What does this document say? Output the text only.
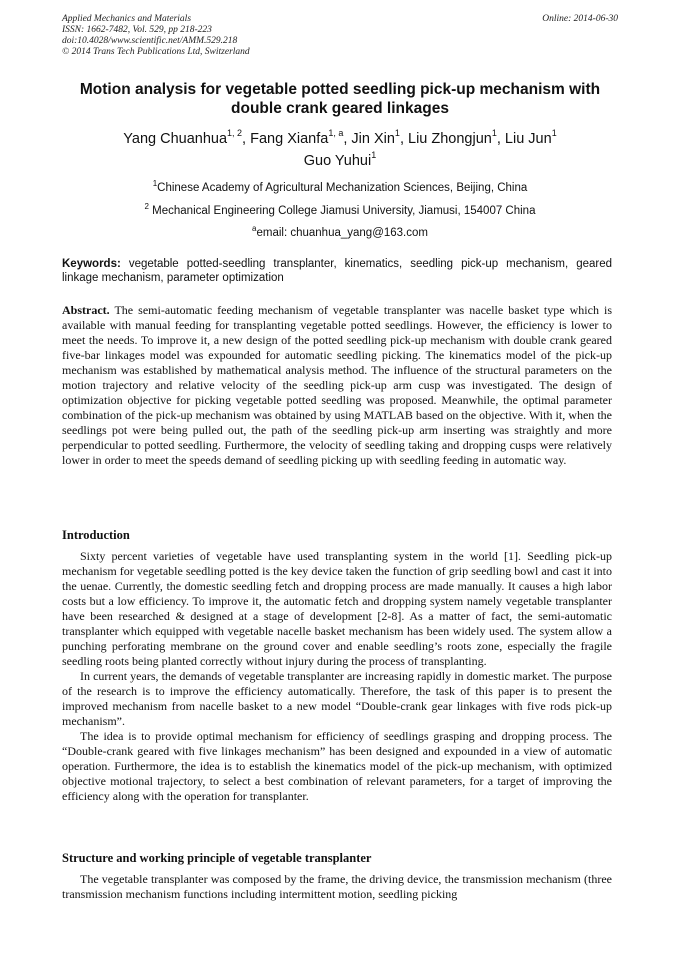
Applied Mechanics and Materials
ISSN: 1662-7482, Vol. 529, pp 218-223
doi:10.4028/www.scientific.net/AMM.529.218
© 2014 Trans Tech Publications Ltd, Switzerland
Online: 2014-06-30
Motion analysis for vegetable potted seedling pick-up mechanism with double crank geared linkages
Yang Chuanhua$^{1, 2}$, Fang Xianfa$^{1, a}$, Jin Xin$^1$, Liu Zhongjun$^1$, Liu Jun$^1$
Guo Yuhui$^1$
$^1$Chinese Academy of Agricultural Mechanization Sciences, Beijing, China
$^2$ Mechanical Engineering College Jiamusi University, Jiamusi, 154007 China
$^a$email: chuanhua_yang@163.com
Keywords: vegetable potted-seedling transplanter, kinematics, seedling pick-up mechanism, geared linkage mechanism, parameter optimization

Abstract. The semi-automatic feeding mechanism of vegetable transplanter was nacelle basket type which is available with manual feeding for transplanting vegetable potted seedlings. However, the efficiency is lower to meet the needs. To improve it, a new design of the potted seedling pick-up mechanism with double crank geared five-bar linkages model was expounded for automatic seedling picking. The kinematics model of the pick-up mechanism was established by mathematical analysis method. The influence of the structural parameters on the motion trajectory and relative velocity of the seedling pick-up arm cusp was investigated. The design of optimization objective for picking vegetable potted seedling was proposed. Meanwhile, the optimal parameter combination of the pick-up mechanism was obtained by using MATLAB based on the objective. With it, when the seedlings pot were being pulled out, the path of the seedling pick-up arm inserting was straightly and more perpendicular to potted seedling. Furthermore, the velocity of seedling taking and dropping cusps were relatively lower in order to meet the speeds demand of seedling picking up with seedling feeding in automatic way.

Introduction

Sixty percent varieties of vegetable have used transplanting system in the world [1]. Seedling pick-up mechanism for vegetable seedling potted is the key device taken the function of grip seedling bowl and cast it into the uenae. Currently, the domestic seedling fetch and dropping process are made manually. It causes a high labor costs but a low efficiency. To improve it, the automatic fetch and dropping system namely vegetable transplanter have been researched & designed at a stage of development [2-8]. As a matter of fact, the semi-automatic transplanter which equipped with vegetable nacelle basket mechanism has been widely used. The system allow a punching perforating membrane on the ground cover and enable seedling’s roots zone, especially the fragile seedling roots being planted correctly without injury during the process of transplanting.

In current years, the demands of vegetable transplanter are increasing rapidly in domestic market. The purpose of the research is to improve the efficiency automatically. Therefore, the task of this paper is to present the improved mechanism from nacelle basket to a new model “Double-crank gear linkages with five rods pick-up mechanism”.

The idea is to provide optimal mechanism for efficiency of seedlings grasping and dropping process. The “Double-crank geared with five linkages mechanism” has been designed and expounded in a view of automatic operation. Furthermore, the idea is to establish the kinematics model of the pick-up mechanism, with optimized objective motional trajectory, to select a best combination of relevant parameters, for a target of improving the efficiency along with the operation for transplanter.

Structure and working principle of vegetable transplanter

The vegetable transplanter was composed by the frame, the driving device, the transmission mechanism (three transmission mechanism functions including intermittent motion, seedling picking
